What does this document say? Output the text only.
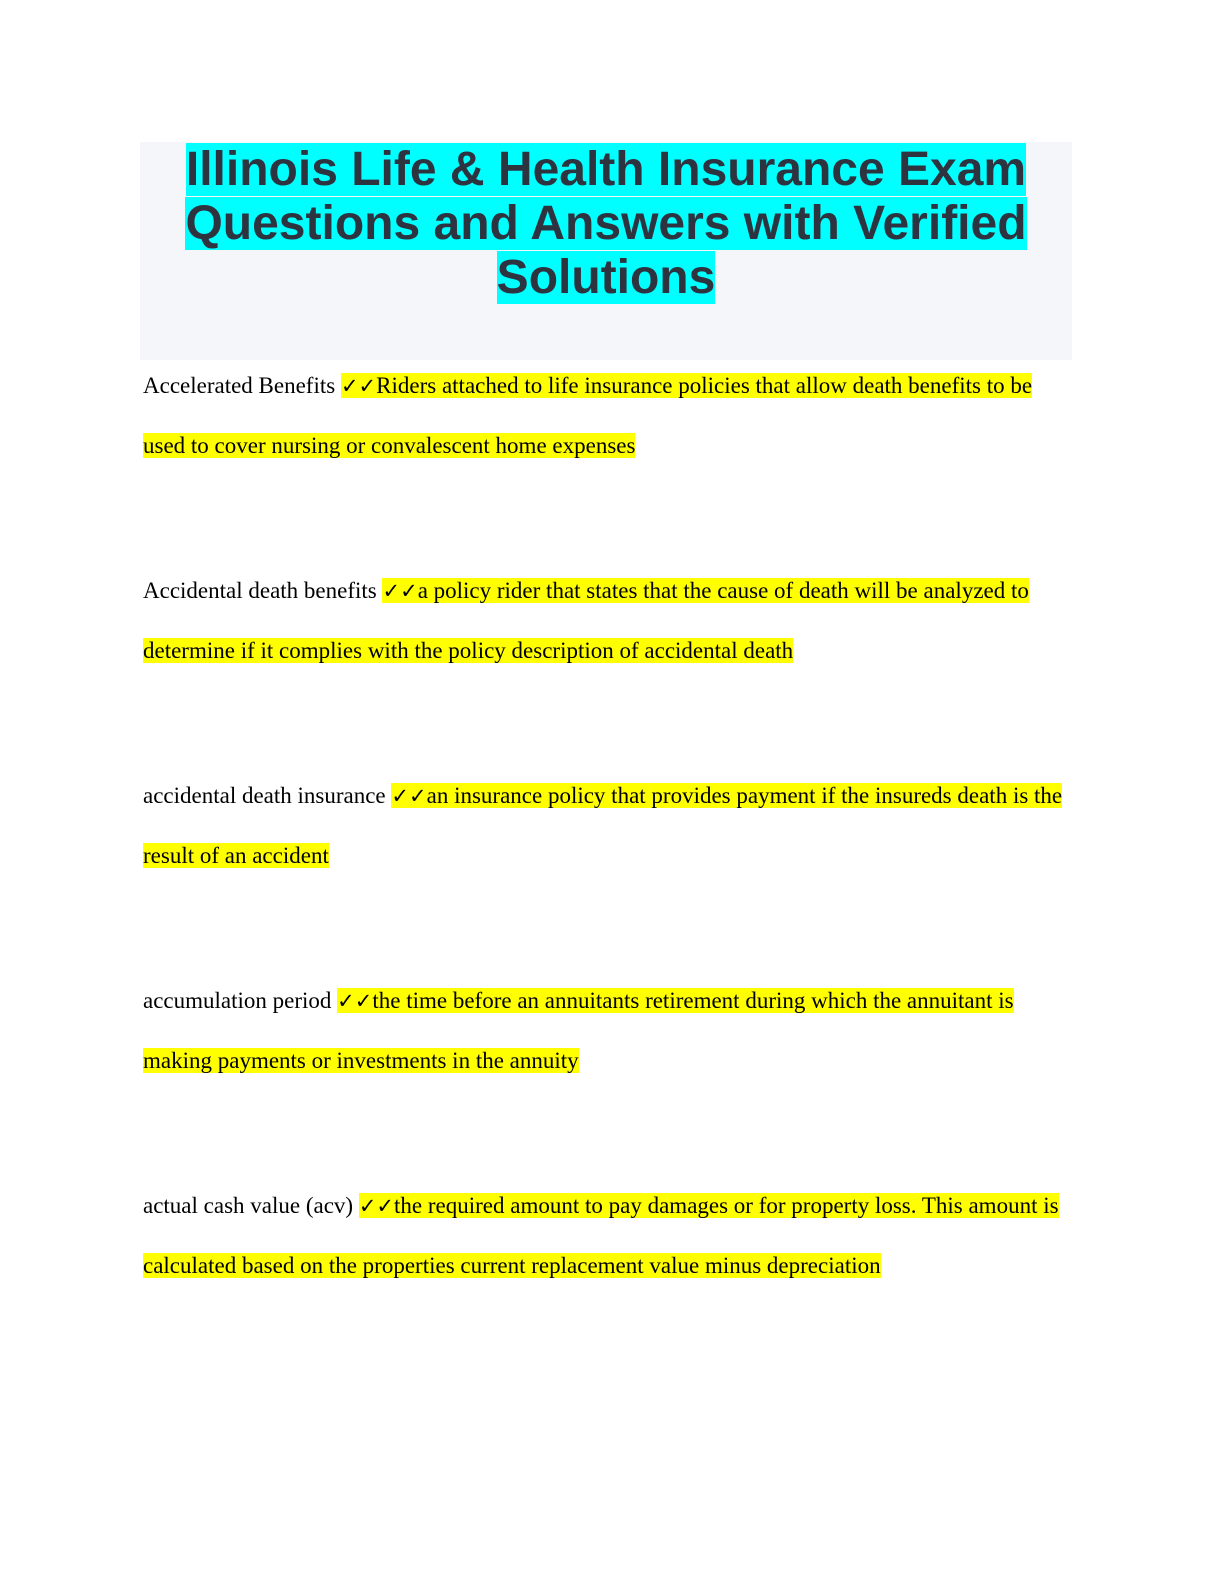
Illinois Life & Health Insurance Exam Questions and Answers with Verified Solutions

Accelerated Benefits ✓✓Riders attached to life insurance policies that allow death benefits to be used to cover nursing or convalescent home expenses

Accidental death benefits ✓✓a policy rider that states that the cause of death will be analyzed to determine if it complies with the policy description of accidental death

accidental death insurance ✓✓an insurance policy that provides payment if the insureds death is the result of an accident

accumulation period ✓✓the time before an annuitants retirement during which the annuitant is making payments or investments in the annuity

actual cash value (acv) ✓✓the required amount to pay damages or for property loss. This amount is calculated based on the properties current replacement value minus depreciation
